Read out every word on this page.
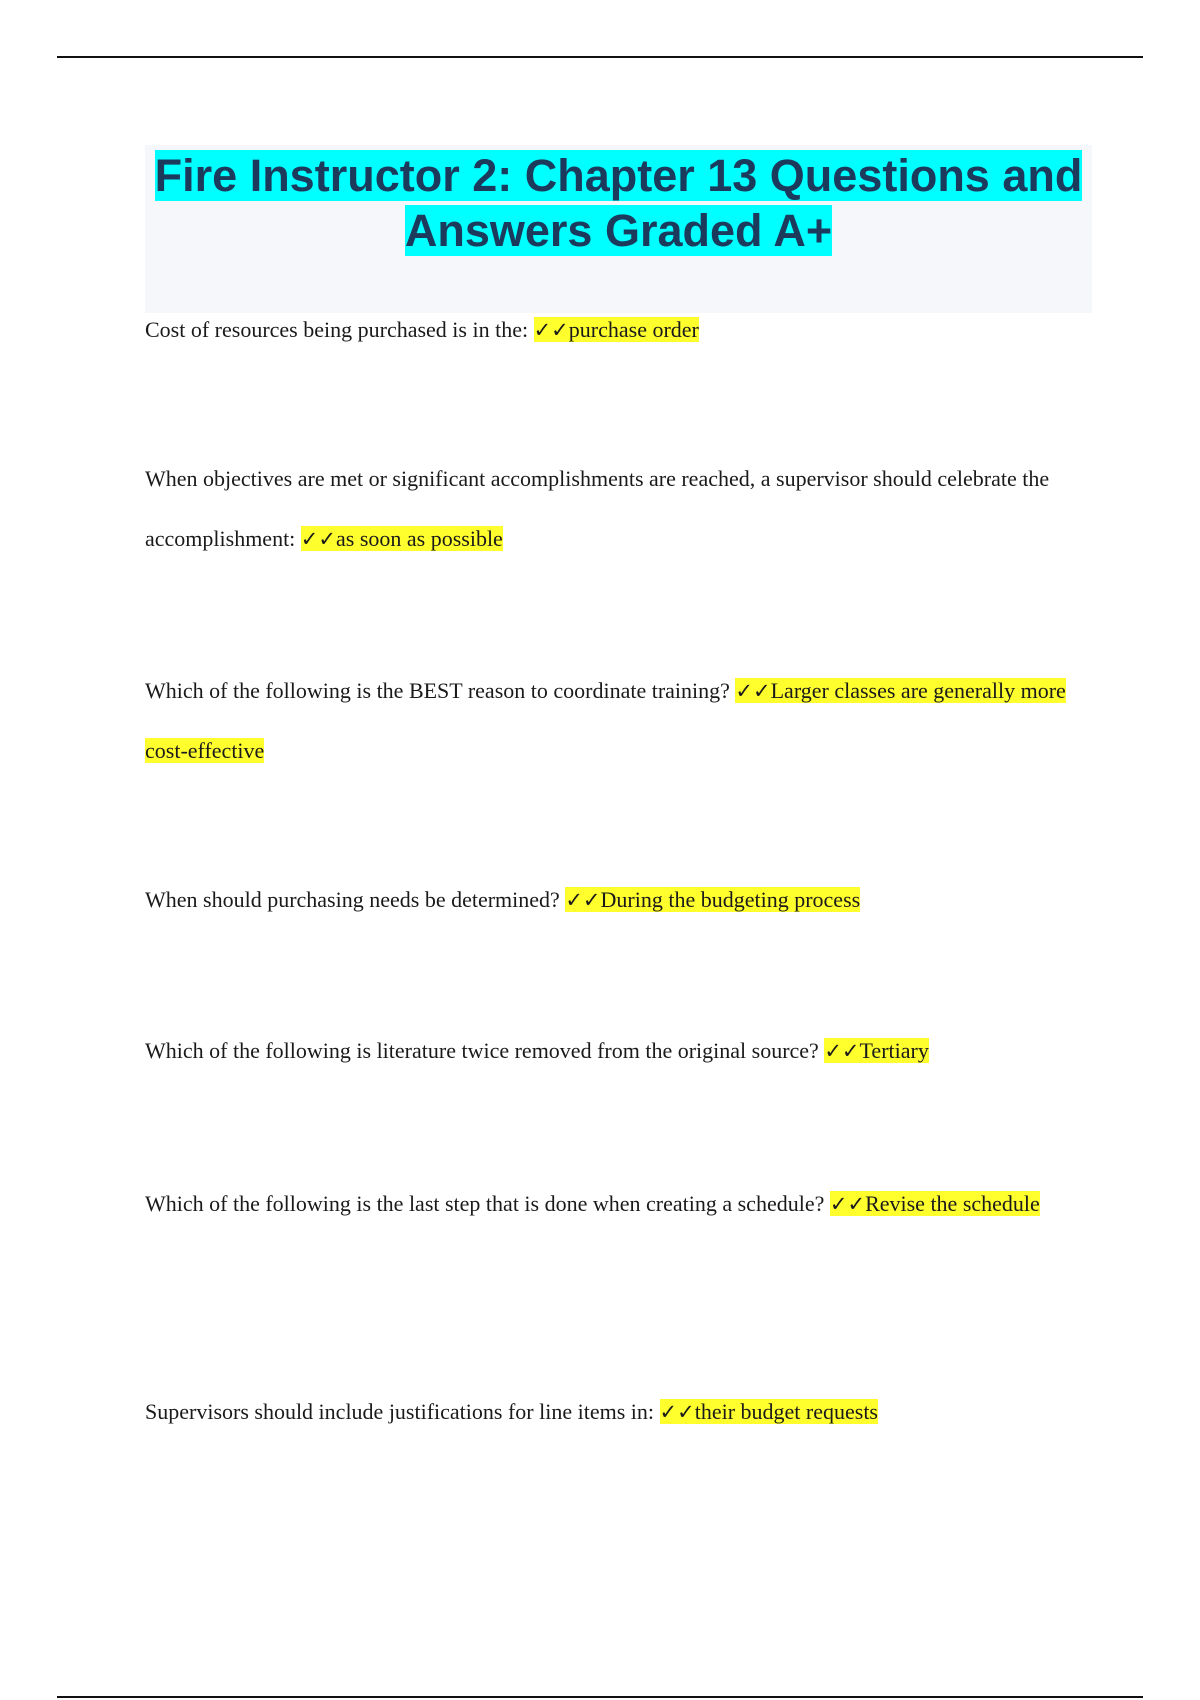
Fire Instructor 2: Chapter 13 Questions and Answers Graded A+

Cost of resources being purchased is in the: ✓✓purchase order

When objectives are met or significant accomplishments are reached, a supervisor should celebrate the accomplishment: ✓✓as soon as possible

Which of the following is the BEST reason to coordinate training? ✓✓Larger classes are generally more cost-effective

When should purchasing needs be determined? ✓✓During the budgeting process

Which of the following is literature twice removed from the original source? ✓✓Tertiary

Which of the following is the last step that is done when creating a schedule? ✓✓Revise the schedule

Supervisors should include justifications for line items in: ✓✓their budget requests
